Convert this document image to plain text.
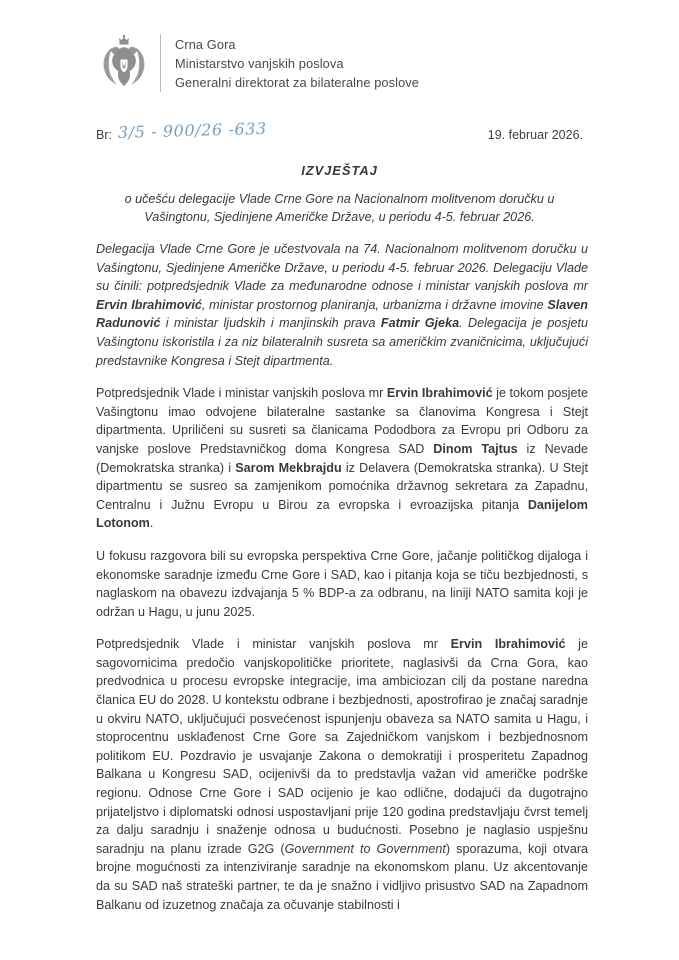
Crna Gora
Ministarstvo vanjskih poslova
Generalni direktorat za bilateralne poslove
Br: 3/5 - 900/26 -633	19. februar 2026.
IZVJEŠTAJ
o učešću delegacije Vlade Crne Gore na Nacionalnom molitvenom doručku u Vašingtonu, Sjedinjene Američke Države, u periodu 4-5. februar 2026.

Delegacija Vlade Crne Gore je učestvovala na 74. Nacionalnom molitvenom doručku u Vašingtonu, Sjedinjene Američke Države, u periodu 4-5. februar 2026. Delegaciju Vlade su činili: potpredsjednik Vlade za međunarodne odnose i ministar vanjskih poslova mr Ervin Ibrahimović, ministar prostornog planiranja, urbanizma i državne imovine Slaven Radunović i ministar ljudskih i manjinskih prava Fatmir Gjeka. Delegacija je posjetu Vašingtonu iskoristila i za niz bilateralnih susreta sa američkim zvaničnicima, uključujući predstavnike Kongresa i Stejt dipartmenta.

Potpredsjednik Vlade i ministar vanjskih poslova mr Ervin Ibrahimović je tokom posjete Vašingtonu imao odvojene bilateralne sastanke sa članovima Kongresa i Stejt dipartmenta. Upriličeni su susreti sa članicama Pododbora za Evropu pri Odboru za vanjske poslove Predstavničkog doma Kongresa SAD Dinom Tajtus iz Nevade (Demokratska stranka) i Sarom Mekbrajdu iz Delavera (Demokratska stranka). U Stejt dipartmentu se susreo sa zamjenikom pomoćnika državnog sekretara za Zapadnu, Centralnu i Južnu Evropu u Birou za evropska i evroazijska pitanja Danijelom Lotonom.

U fokusu razgovora bili su evropska perspektiva Crne Gore, jačanje političkog dijaloga i ekonomske saradnje između Crne Gore i SAD, kao i pitanja koja se tiču bezbjednosti, s naglaskom na obavezu izdvajanja 5 % BDP-a za odbranu, na liniji NATO samita koji je održan u Hagu, u junu 2025.

Potpredsjednik Vlade i ministar vanjskih poslova mr Ervin Ibrahimović je sagovornicima predočio vanjskopolitičke prioritete, naglasivši da Crna Gora, kao predvodnica u procesu evropske integracije, ima ambiciozan cilj da postane naredna članica EU do 2028. U kontekstu odbrane i bezbjednosti, apostrofirao je značaj saradnje u okviru NATO, uključujući posvećenost ispunjenju obaveza sa NATO samita u Hagu, i stoprocentnu usklađenost Crne Gore sa Zajedničkom vanjskom i bezbjednosnom politikom EU. Pozdravio je usvajanje Zakona o demokratiji i prosperitetu Zapadnog Balkana u Kongresu SAD, ocijenivši da to predstavlja važan vid američke podrške regionu. Odnose Crne Gore i SAD ocijenio je kao odlične, dodajući da dugotrajno prijateljstvo i diplomatski odnosi uspostavljani prije 120 godina predstavljaju čvrst temelj za dalju saradnju i snaženje odnosa u budućnosti. Posebno je naglasio uspješnu saradnju na planu izrade G2G (Government to Government) sporazuma, koji otvara brojne mogućnosti za intenziviranje saradnje na ekonomskom planu. Uz akcentovanje da su SAD naš strateški partner, te da je snažno i vidljivo prisustvo SAD na Zapadnom Balkanu od izuzetnog značaja za očuvanje stabilnosti i
